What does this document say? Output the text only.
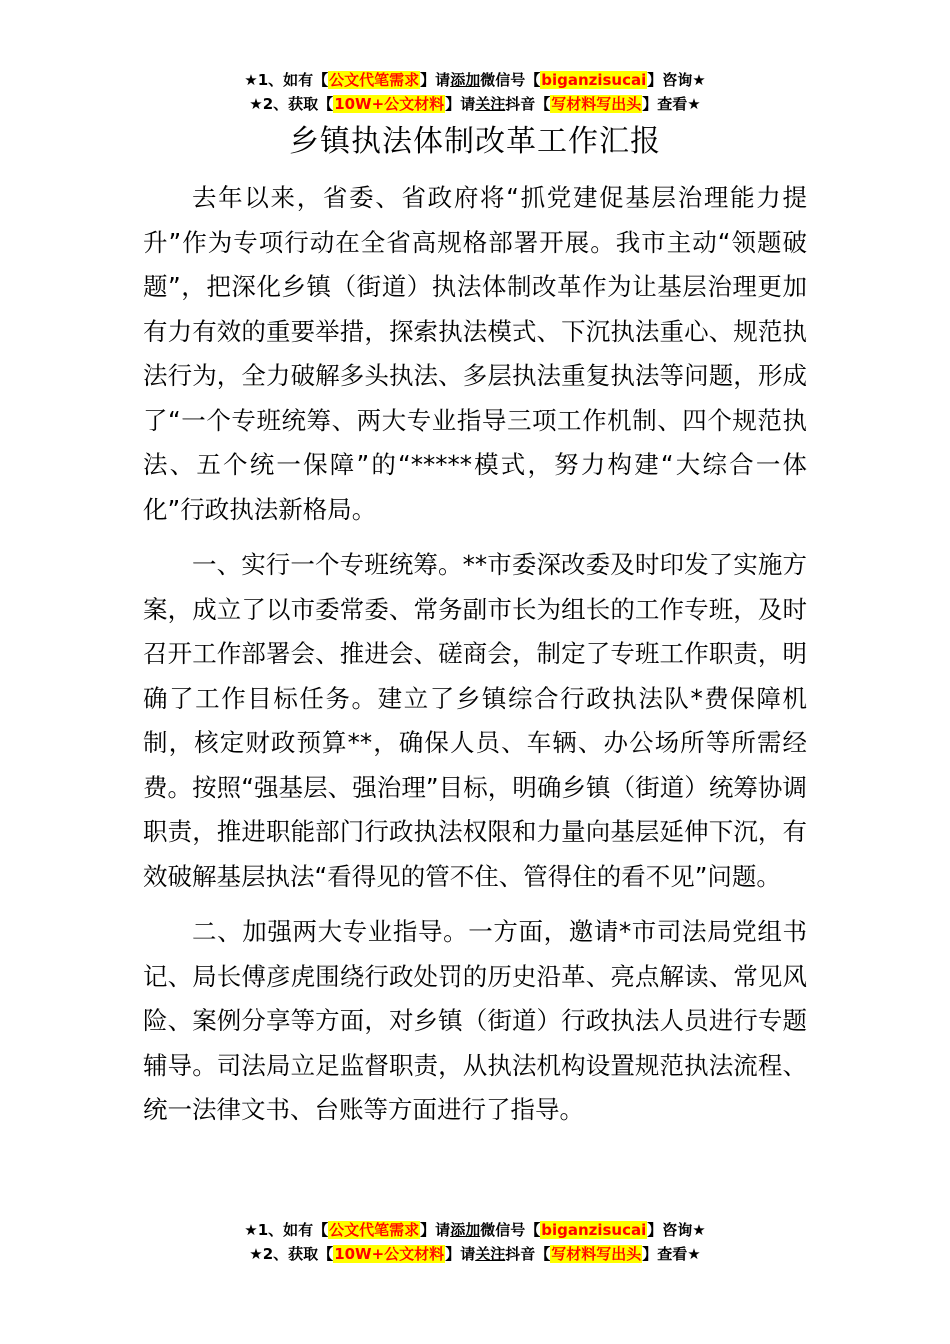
★1、如有【公文代笔需求】请添加微信号【biganzisucai】咨询★
★2、获取【10W+公文材料】请关注抖音【写材料写出头】查看★
乡镇执法体制改革工作汇报

去年以来，省委、省政府将“抓党建促基层治理能力提升”作为专项行动在全省高规格部署开展。我市主动“领题破题”，把深化乡镇（街道）执法体制改革作为让基层治理更加有力有效的重要举措，探索执法模式、下沉执法重心、规范执法行为，全力破解多头执法、多层执法重复执法等问题，形成了“一个专班统筹、两大专业指导三项工作机制、四个规范执法、五个统一保障”的“*****模式，努力构建“大综合一体化”行政执法新格局。

一、实行一个专班统筹。**市委深改委及时印发了实施方案，成立了以市委常委、常务副市长为组长的工作专班，及时召开工作部署会、推进会、磋商会，制定了专班工作职责，明确了工作目标任务。建立了乡镇综合行政执法队*费保障机制，核定财政预算**，确保人员、车辆、办公场所等所需经费。按照“强基层、强治理”目标，明确乡镇（街道）统筹协调职责，推进职能部门行政执法权限和力量向基层延伸下沉，有效破解基层执法“看得见的管不住、管得住的看不见”问题。

二、加强两大专业指导。一方面，邀请*市司法局党组书记、局长傅彦虎围绕行政处罚的历史沿革、亮点解读、常见风险、案例分享等方面，对乡镇（街道）行政执法人员进行专题辅导。司法局立足监督职责，从执法机构设置规范执法流程、统一法律文书、台账等方面进行了指导。

★1、如有【公文代笔需求】请添加微信号【biganzisucai】咨询★
★2、获取【10W+公文材料】请关注抖音【写材料写出头】查看★
